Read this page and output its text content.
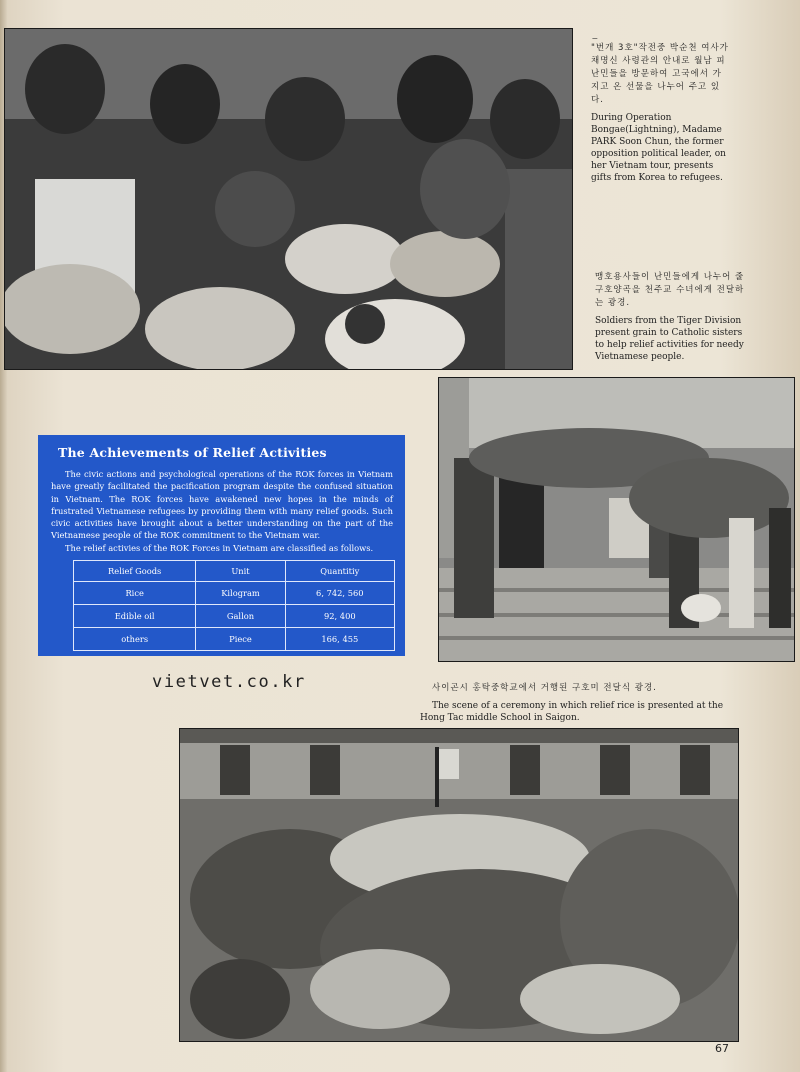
‒

"번개 3호"작전중 박순천 여사가 채명신 사령관의 안내로 월남 피난민들을 방문하여 고국에서 가지고 온 선물을 나누어 주고 있다.

During Operation Bongae(Lightning), Madame PARK Soon Chun, the former opposition political leader, on her Vietnam tour, presents gifts from Korea to refugees.

맹호용사들이 난민들에게 나누어 줄 구호양곡을 천주교 수녀에게 전달하는 광경.

Soldiers from the Tiger Division present grain to Catholic sisters to help relief activities for needy Vietnamese people.

The Achievements of Relief Activities

The civic actions and psychological operations of the ROK forces in Vietnam have greatly facilitated the pacification program despite the confused situation in Vietnam. The ROK forces have awakened new hopes in the minds of frustrated Vietnamese refugees by providing them with many relief goods. Such civic activities have brought about a better understanding on the part of the Vietnamese people of the ROK commitment to the Vietnam war.

The relief activies of the ROK Forces in Vietnam are classified as follows.

Relief Goods	Unit	Quantitiy
Rice	Kilogram	6, 742, 560
Edible oil	Gallon	92, 400
others	Piece	166, 455
vietvet.co.kr	사이곤시 홍탁중학교에서 거행된 구호미 전달식 광경.

The scene of a ceremony in which relief rice is presented at the Hong Tac middle School in Saigon.

67
